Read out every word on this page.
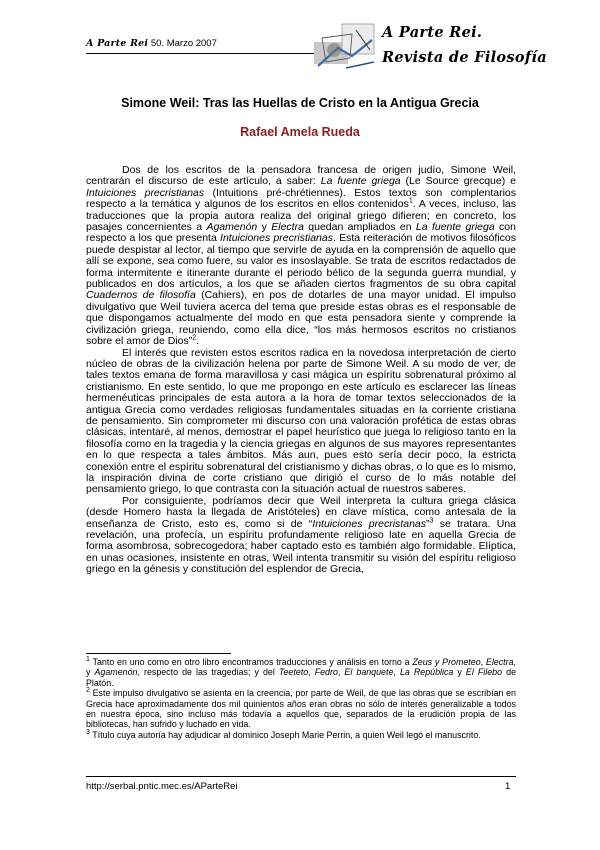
A Parte Rei 50. Marzo 2007
A Parte Rei.
Revista de Filosofía
Simone Weil: Tras las Huellas de Cristo en la Antigua Grecia
Rafael Amela Rueda

Dos de los escritos de la pensadora francesa de origen judío, Simone Weil, centrarán el discurso de este artículo, a saber: La fuente griega (Le Source grecque) e Intuiciones precristianas (Intuitions pré-chrétiennes). Estos textos son complentarios respecto a la temática y algunos de los escritos en ellos contenidos$^1$. A veces, incluso, las traducciones que la propia autora realiza del original griego difieren; en concreto, los pasajes concernientes a Agamenón y Electra quedan ampliados en La fuente griega con respecto a los que presenta Intuiciones precristianas. Esta reiteración de motivos filosóficos puede despistar al lector, al tiempo que servirle de ayuda en la comprensión de aquello que allí se expone, sea como fuere, su valor es insoslayable. Se trata de escritos redactados de forma intermitente e itinerante durante el periodo bélico de la segunda guerra mundial, y publicados en dos artículos, a los que se añaden ciertos fragmentos de su obra capital Cuadernos de filosofía (Cahiers), en pos de dotarles de una mayor unidad. El impulso divulgativo que Weil tuviera acerca del tema que preside estas obras es el responsable de que dispongamos actualmente del modo en que esta pensadora siente y comprende la civilización griega, reuniendo, como ella dice, “los más hermosos escritos no cristianos sobre el amor de Dios”$^2$.

El interés que revisten estos escritos radica en la novedosa interpretación de cierto núcleo de obras de la civilización helena por parte de Simone Weil. A su modo de ver, de tales textos emana de forma maravillosa y casi mágica un espíritu sobrenatural próximo al cristianismo. En este sentido, lo que me propongo en este artículo es esclarecer las líneas hermenéuticas principales de esta autora a la hora de tomar textos seleccionados de la antigua Grecia como verdades religiosas fundamentales situadas en la corriente cristiana de pensamiento. Sin comprometer mi discurso con una valoración profética de estas obras clásicas, intentaré, al menos, demostrar el papel heurístico que juega lo religioso tanto en la filosofía como en la tragedia y la ciencia griegas en algunos de sus mayores representantes en lo que respecta a tales ámbitos. Más aun, pues esto sería decir poco, la estricta conexión entre el espíritu sobrenatural del cristianismo y dichas obras, o lo que es lo mismo, la inspiración divina de corte cristiano que dirigió el curso de lo más notable del pensamiento griego, lo que contrasta con la situación actual de nuestros saberes.

Por consiguiente, podríamos decir que Weil interpreta la cultura griega clásica (desde Homero hasta la llegada de Aristóteles) en clave mística, como antesala de la enseñanza de Cristo, esto es, como si de “Intuiciones precristanas”$^3$ se tratara. Una revelación, una profecía, un espíritu profundamente religioso late en aquella Grecia de forma asombrosa, sobrecogedora; haber captado esto es también algo formidable. Elíptica, en unas ocasiones, insistente en otras, Weil intenta transmitir su visión del espíritu religioso griego en la génesis y constitución del esplendor de Grecia,

$^1$ Tanto en uno como en otro libro encontramos traducciones y análisis en torno a Zeus y Prometeo, Electra, y Agamenón, respecto de las tragedias; y del Teeteto, Fedro, El banquete, La República y El Filebo de Platón.

$^2$ Este impulso divulgativo se asienta en la creencia, por parte de Weil, de que las obras que se escribían en Grecia hace aproximadamente dos mil quinientos años eran obras no sólo de interés generalizable a todos en nuestra época, sino incluso más todavía a aquellos que, separados de la erudición propia de las bibliotecas, han sufrido y luchado en vida.

$^3$ Título cuya autoría hay adjudicar al dominico Joseph Marie Perrin, a quien Weil legó el manuscrito.

http://serbal.pntic.mec.es/AParteRei	1
